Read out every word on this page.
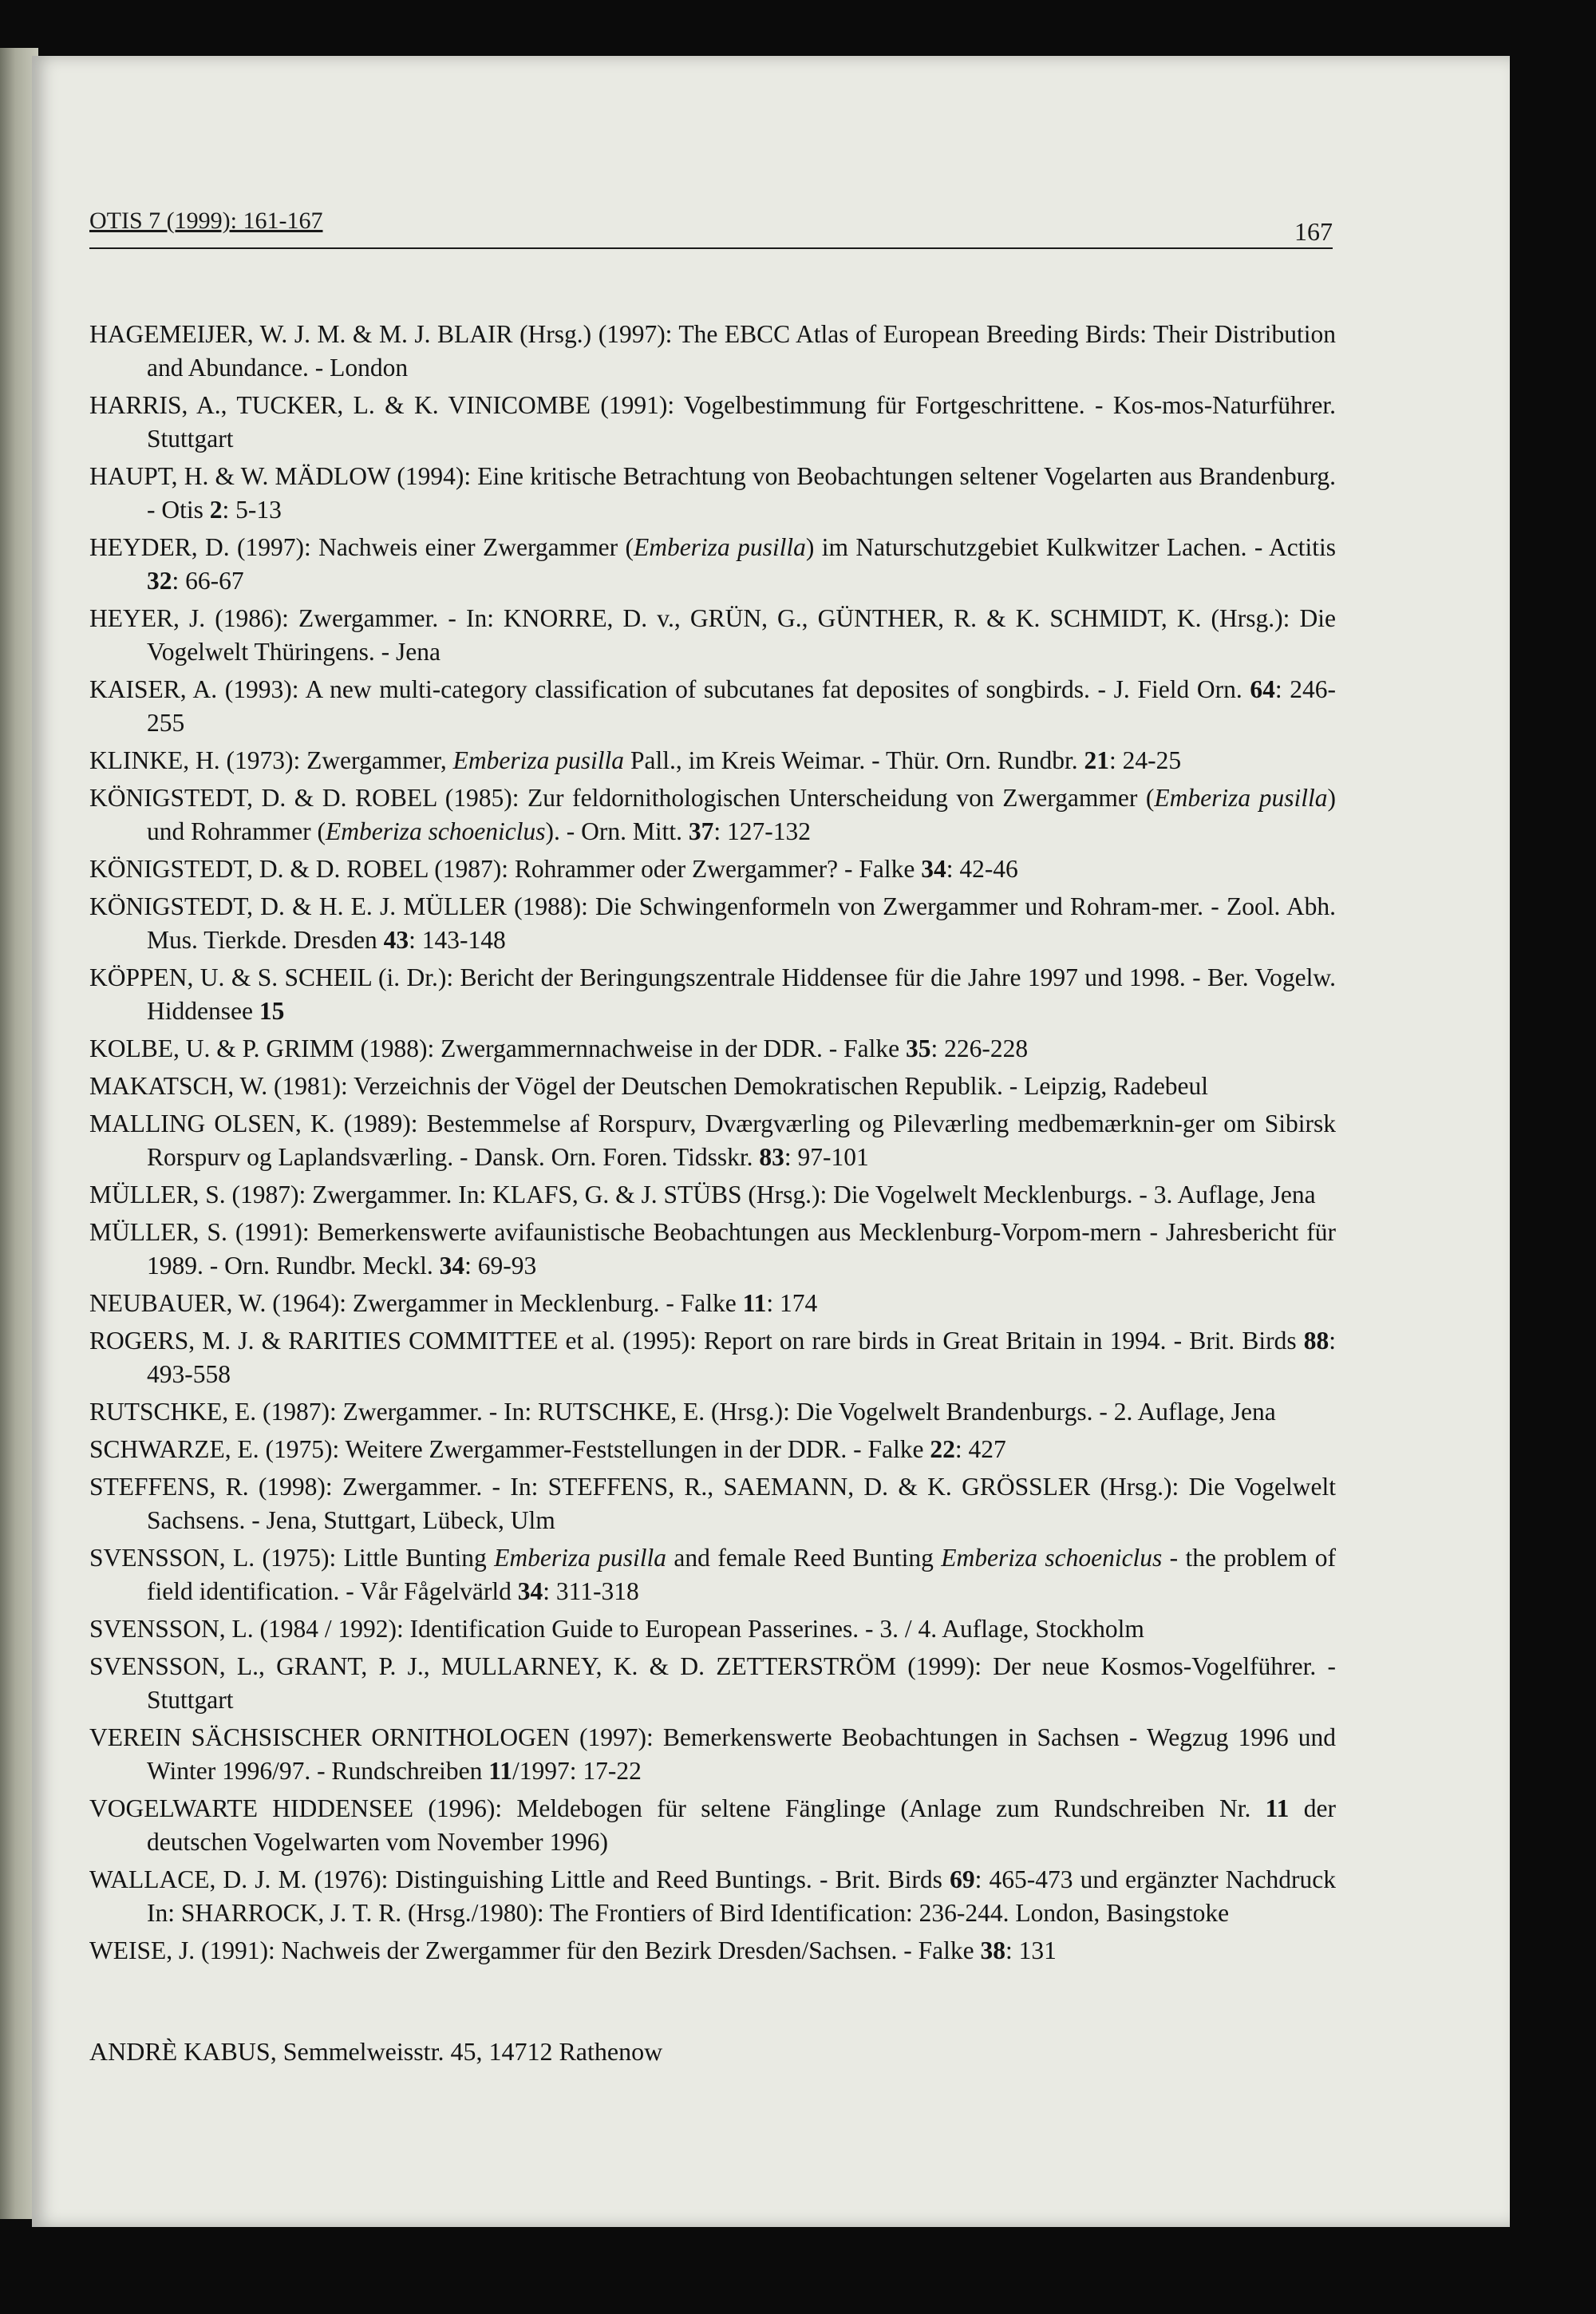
OTIS 7 (1999): 161-167	167

HAGEMEIJER, W. J. M. & M. J. BLAIR (Hrsg.) (1997): The EBCC Atlas of European Breeding Birds: Their Distribution and Abundance. - London

HARRIS, A., TUCKER, L. & K. VINICOMBE (1991): Vogelbestimmung für Fortgeschrittene. - Kos-mos-Naturführer. Stuttgart

HAUPT, H. & W. MÄDLOW (1994): Eine kritische Betrachtung von Beobachtungen seltener Vogelarten aus Brandenburg. - Otis 2: 5-13

HEYDER, D. (1997): Nachweis einer Zwergammer (Emberiza pusilla) im Naturschutzgebiet Kulkwitzer Lachen. - Actitis 32: 66-67

HEYER, J. (1986): Zwergammer. - In: KNORRE, D. v., GRÜN, G., GÜNTHER, R. & K. SCHMIDT, K. (Hrsg.): Die Vogelwelt Thüringens. - Jena

KAISER, A. (1993): A new multi-category classification of subcutanes fat deposites of songbirds. - J. Field Orn. 64: 246-255

KLINKE, H. (1973): Zwergammer, Emberiza pusilla Pall., im Kreis Weimar. - Thür. Orn. Rundbr. 21: 24-25

KÖNIGSTEDT, D. & D. ROBEL (1985): Zur feldornithologischen Unterscheidung von Zwergammer (Emberiza pusilla) und Rohrammer (Emberiza schoeniclus). - Orn. Mitt. 37: 127-132

KÖNIGSTEDT, D. & D. ROBEL (1987): Rohrammer oder Zwergammer? - Falke 34: 42-46

KÖNIGSTEDT, D. & H. E. J. MÜLLER (1988): Die Schwingenformeln von Zwergammer und Rohram-mer. - Zool. Abh. Mus. Tierkde. Dresden 43: 143-148

KÖPPEN, U. & S. SCHEIL (i. Dr.): Bericht der Beringungszentrale Hiddensee für die Jahre 1997 und 1998. - Ber. Vogelw. Hiddensee 15

KOLBE, U. & P. GRIMM (1988): Zwergammernnachweise in der DDR. - Falke 35: 226-228

MAKATSCH, W. (1981): Verzeichnis der Vögel der Deutschen Demokratischen Republik. - Leipzig, Radebeul

MALLING OLSEN, K. (1989): Bestemmelse af Rorspurv, Dværgværling og Pileværling medbemærknin-ger om Sibirsk Rorspurv og Laplandsværling. - Dansk. Orn. Foren. Tidsskr. 83: 97-101

MÜLLER, S. (1987): Zwergammer. In: KLAFS, G. & J. STÜBS (Hrsg.): Die Vogelwelt Mecklenburgs. - 3. Auflage, Jena

MÜLLER, S. (1991): Bemerkenswerte avifaunistische Beobachtungen aus Mecklenburg-Vorpom-mern - Jahresbericht für 1989. - Orn. Rundbr. Meckl. 34: 69-93

NEUBAUER, W. (1964): Zwergammer in Mecklenburg. - Falke 11: 174

ROGERS, M. J. & RARITIES COMMITTEE et al. (1995): Report on rare birds in Great Britain in 1994. - Brit. Birds 88: 493-558

RUTSCHKE, E. (1987): Zwergammer. - In: RUTSCHKE, E. (Hrsg.): Die Vogelwelt Brandenburgs. - 2. Auflage, Jena

SCHWARZE, E. (1975): Weitere Zwergammer-Feststellungen in der DDR. - Falke 22: 427

STEFFENS, R. (1998): Zwergammer. - In: STEFFENS, R., SAEMANN, D. & K. GRÖSSLER (Hrsg.): Die Vogelwelt Sachsens. - Jena, Stuttgart, Lübeck, Ulm

SVENSSON, L. (1975): Little Bunting Emberiza pusilla and female Reed Bunting Emberiza schoeniclus - the problem of field identification. - Vår Fågelvärld 34: 311-318

SVENSSON, L. (1984 / 1992): Identification Guide to European Passerines. - 3. / 4. Auflage, Stockholm

SVENSSON, L., GRANT, P. J., MULLARNEY, K. & D. ZETTERSTRÖM (1999): Der neue Kosmos-Vogelführer. - Stuttgart

VEREIN SÄCHSISCHER ORNITHOLOGEN (1997): Bemerkenswerte Beobachtungen in Sachsen - Wegzug 1996 und Winter 1996/97. - Rundschreiben 11/1997: 17-22

VOGELWARTE HIDDENSEE (1996): Meldebogen für seltene Fänglinge (Anlage zum Rundschreiben Nr. 11 der deutschen Vogelwarten vom November 1996)

WALLACE, D. J. M. (1976): Distinguishing Little and Reed Buntings. - Brit. Birds 69: 465-473 und ergänzter Nachdruck In: SHARROCK, J. T. R. (Hrsg./1980): The Frontiers of Bird Identification: 236-244. London, Basingstoke

WEISE, J. (1991): Nachweis der Zwergammer für den Bezirk Dresden/Sachsen. - Falke 38: 131

ANDRÈ KABUS, Semmelweisstr. 45, 14712 Rathenow
